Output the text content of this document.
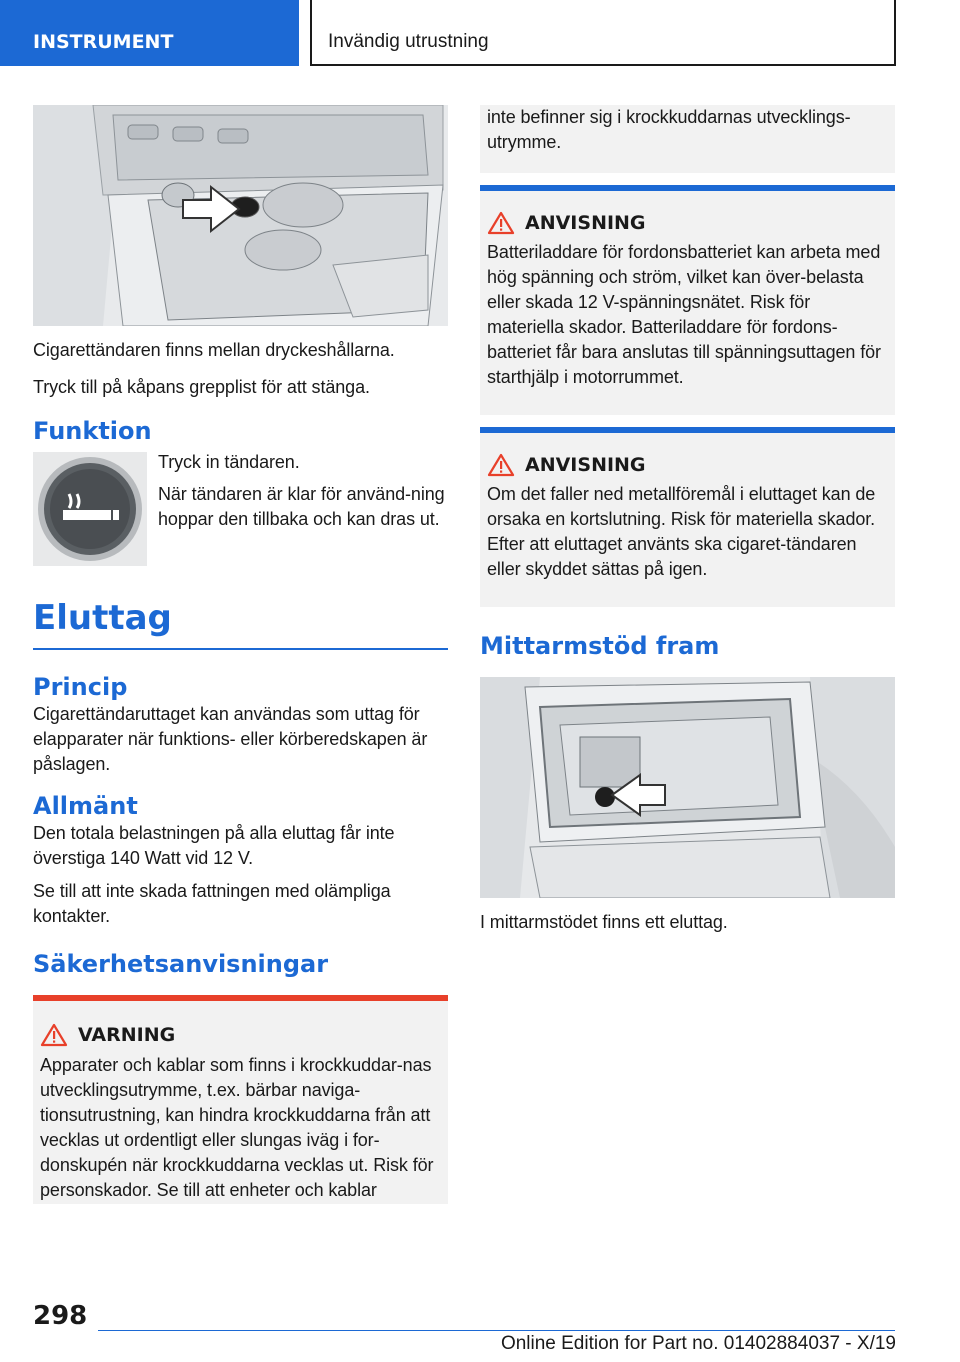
INSTRUMENT	Invändig utrustning
Cigarettändaren finns mellan dryckeshållarna.
Tryck till på kåpans grepplist för att stänga.
Funktion
Tryck in tändaren.
När tändaren är klar för använd-ning hoppar den tillbaka och kan dras ut.
Eluttag
Princip
Cigarettändaruttaget kan användas som uttag för elapparater när funktions- eller körberedskapen är påslagen.
Allmänt
Den totala belastningen på alla eluttag får inte överstiga 140 Watt vid 12 V.
Se till att inte skada fattningen med olämpliga kontakter.
Säkerhetsanvisningar
VARNING
Apparater och kablar som finns i krockkuddar-nas utvecklingsutrymme, t.ex. bärbar naviga-tionsutrustning, kan hindra krockkuddarna från att vecklas ut ordentligt eller slungas iväg i for-donskupén när krockkuddarna vecklas ut. Risk för personskador. Se till att enheter och kablar
inte befinner sig i krockkuddarnas utvecklings-utrymme.
ANVISNING
Batteriladdare för fordonsbatteriet kan arbeta med hög spänning och ström, vilket kan över-belasta eller skada 12 V-spänningsnätet. Risk för materiella skador. Batteriladdare för fordons-batteriet får bara anslutas till spänningsuttagen för starthjälp i motorrummet.
ANVISNING
Om det faller ned metallföremål i eluttaget kan de orsaka en kortslutning. Risk för materiella skador. Efter att eluttaget använts ska cigaret-tändaren eller skyddet sättas på igen.
Mittarmstöd fram
I mittarmstödet finns ett eluttag.
298
Online Edition for Part no. 01402884037 - X/19
